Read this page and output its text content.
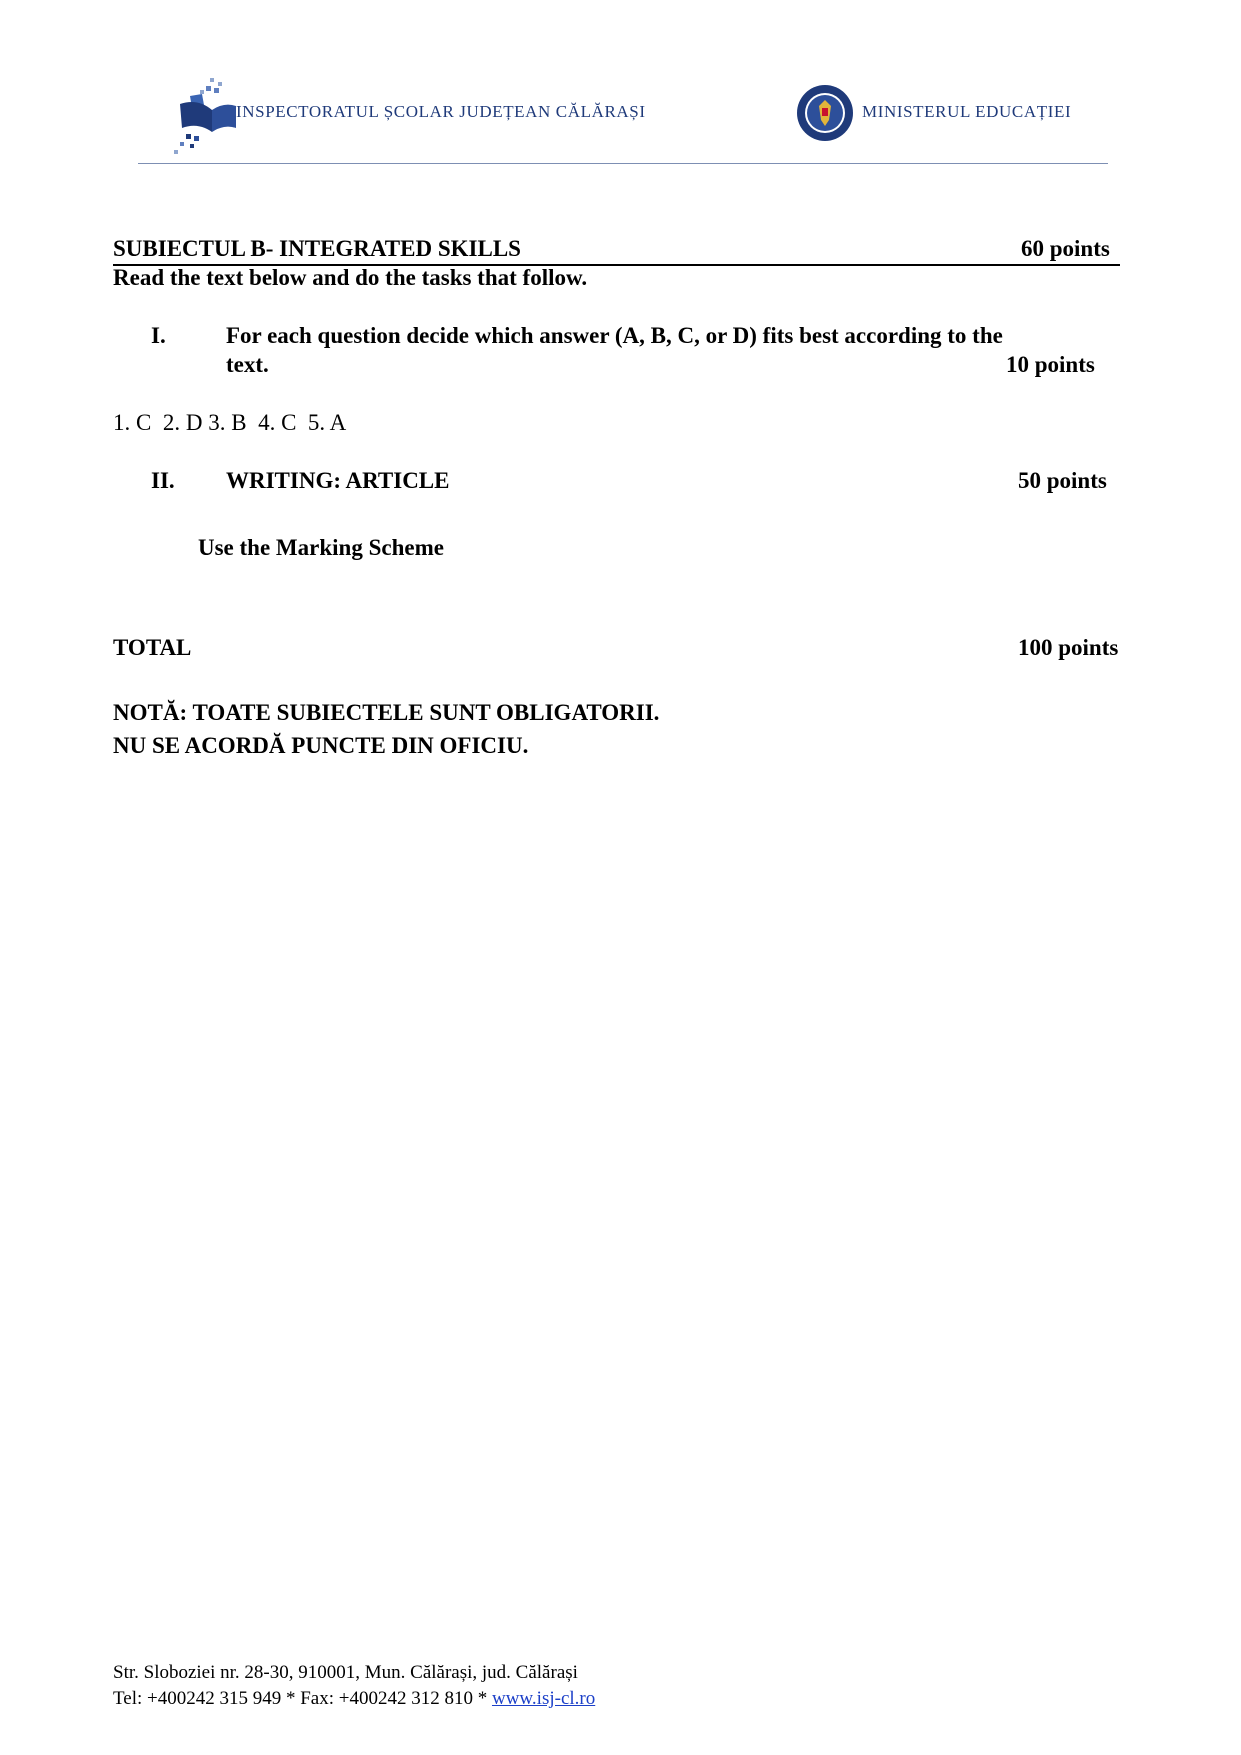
INSPECTORATUL ȘCOLAR JUDEȚEAN CĂLĂRAȘI	MINISTERUL EDUCAȚIEI
SUBIECTUL B- INTEGRATED SKILLS	60 points
Read the text below and do the tasks that follow.
I.	For each question decide which answer (A, B, C, or D) fits best according to the
text.	10 points
1. C 2. D 3. B 4. C 5. A
II. WRITING: ARTICLE	50 points
Use the Marking Scheme
TOTAL	100 points
NOTĂ: TOATE SUBIECTELE SUNT OBLIGATORII.
NU SE ACORDĂ PUNCTE DIN OFICIU.
Str. Sloboziei nr. 28-30, 910001, Mun. Călărași, jud. Călărași
Tel: +400242 315 949 * Fax: +400242 312 810 * www.isj-cl.ro
